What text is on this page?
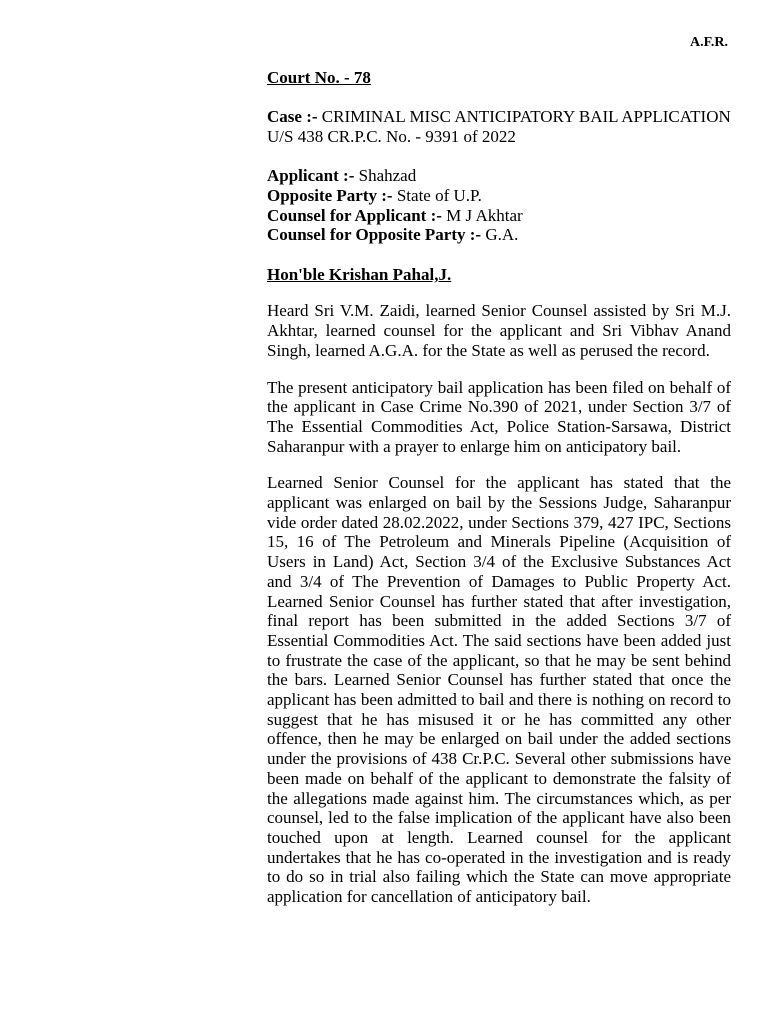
A.F.R.
Court No. - 78
Case :- CRIMINAL MISC ANTICIPATORY BAIL APPLICATION U/S 438 CR.P.C. No. - 9391 of 2022
Applicant :- Shahzad
Opposite Party :- State of U.P.
Counsel for Applicant :- M J Akhtar
Counsel for Opposite Party :- G.A.
Hon'ble Krishan Pahal,J.
Heard Sri V.M. Zaidi, learned Senior Counsel assisted by Sri M.J. Akhtar, learned counsel for the applicant and Sri Vibhav Anand Singh, learned A.G.A. for the State as well as perused the record.
The present anticipatory bail application has been filed on behalf of the applicant in Case Crime No.390 of 2021, under Section 3/7 of The Essential Commodities Act, Police Station-Sarsawa, District Saharanpur with a prayer to enlarge him on anticipatory bail.
Learned Senior Counsel for the applicant has stated that the applicant was enlarged on bail by the Sessions Judge, Saharanpur vide order dated 28.02.2022, under Sections 379, 427 IPC, Sections 15, 16 of The Petroleum and Minerals Pipeline (Acquisition of Users in Land) Act, Section 3/4 of the Exclusive Substances Act and 3/4 of The Prevention of Damages to Public Property Act. Learned Senior Counsel has further stated that after investigation, final report has been submitted in the added Sections 3/7 of Essential Commodities Act. The said sections have been added just to frustrate the case of the applicant, so that he may be sent behind the bars. Learned Senior Counsel has further stated that once the applicant has been admitted to bail and there is nothing on record to suggest that he has misused it or he has committed any other offence, then he may be enlarged on bail under the added sections under the provisions of 438 Cr.P.C. Several other submissions have been made on behalf of the applicant to demonstrate the falsity of the allegations made against him. The circumstances which, as per counsel, led to the false implication of the applicant have also been touched upon at length. Learned counsel for the applicant undertakes that he has co-operated in the investigation and is ready to do so in trial also failing which the State can move appropriate application for cancellation of anticipatory bail.
